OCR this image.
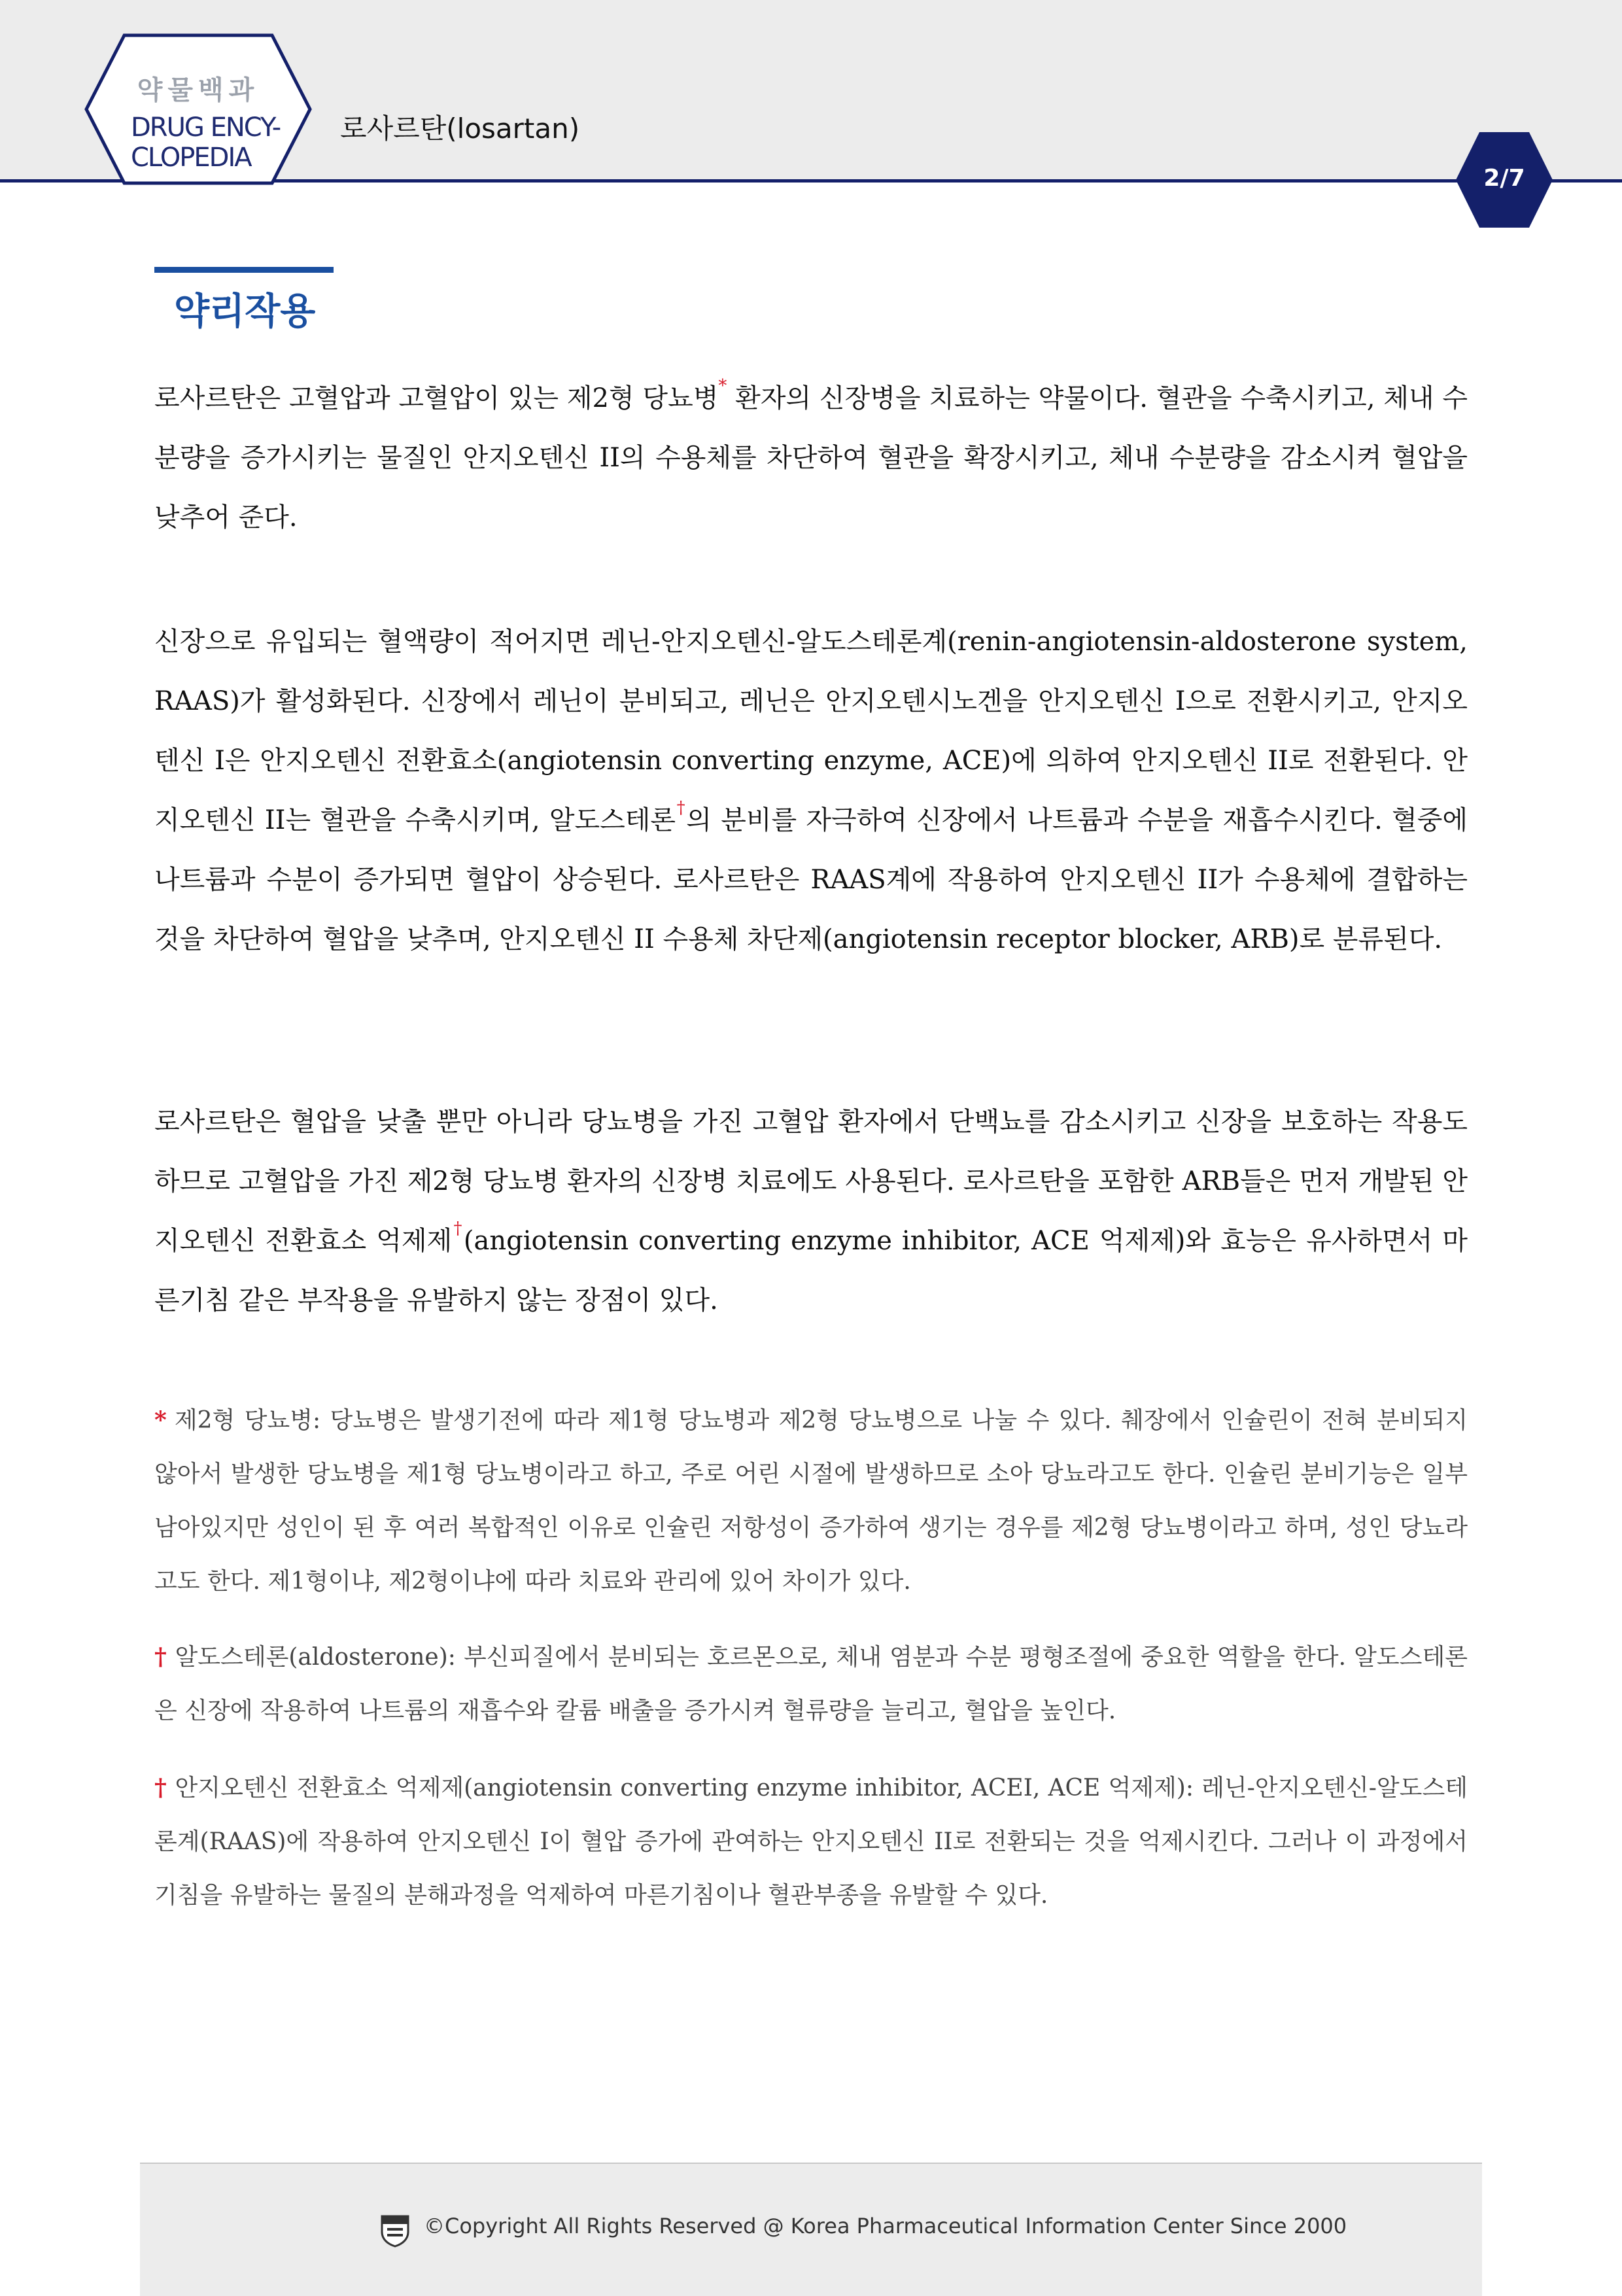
약물백과
DRUG ENCY-
CLOPEDIA
로사르탄(losartan)
2/7
약리작용

로사르탄은 고혈압과 고혈압이 있는 제2형 당뇨병* 환자의 신장병을 치료하는 약물이다. 혈관을 수축시키고, 체내 수분량을 증가시키는 물질인 안지오텐신 II의 수용체를 차단하여 혈관을 확장시키고, 체내 수분량을 감소시켜 혈압을 낮추어 준다.

신장으로 유입되는 혈액량이 적어지면 레닌-안지오텐신-알도스테론계(renin-angiotensin-aldosterone system, RAAS)가 활성화된다. 신장에서 레닌이 분비되고, 레닌은 안지오텐시노겐을 안지오텐신 I으로 전환시키고, 안지오텐신 I은 안지오텐신 전환효소(angiotensin converting enzyme, ACE)에 의하여 안지오텐신 II로 전환된다. 안지오텐신 II는 혈관을 수축시키며, 알도스테론†의 분비를 자극하여 신장에서 나트륨과 수분을 재흡수시킨다. 혈중에 나트륨과 수분이 증가되면 혈압이 상승된다. 로사르탄은 RAAS계에 작용하여 안지오텐신 II가 수용체에 결합하는 것을 차단하여 혈압을 낮추며, 안지오텐신 II 수용체 차단제(angiotensin receptor blocker, ARB)로 분류된다.

로사르탄은 혈압을 낮출 뿐만 아니라 당뇨병을 가진 고혈압 환자에서 단백뇨를 감소시키고 신장을 보호하는 작용도 하므로 고혈압을 가진 제2형 당뇨병 환자의 신장병 치료에도 사용된다. 로사르탄을 포함한 ARB들은 먼저 개발된 안지오텐신 전환효소 억제제†(angiotensin converting enzyme inhibitor, ACE 억제제)와 효능은 유사하면서 마른기침 같은 부작용을 유발하지 않는 장점이 있다.

* 제2형 당뇨병: 당뇨병은 발생기전에 따라 제1형 당뇨병과 제2형 당뇨병으로 나눌 수 있다. 췌장에서 인슐린이 전혀 분비되지 않아서 발생한 당뇨병을 제1형 당뇨병이라고 하고, 주로 어린 시절에 발생하므로 소아 당뇨라고도 한다. 인슐린 분비기능은 일부 남아있지만 성인이 된 후 여러 복합적인 이유로 인슐린 저항성이 증가하여 생기는 경우를 제2형 당뇨병이라고 하며, 성인 당뇨라고도 한다. 제1형이냐, 제2형이냐에 따라 치료와 관리에 있어 차이가 있다.

† 알도스테론(aldosterone): 부신피질에서 분비되는 호르몬으로, 체내 염분과 수분 평형조절에 중요한 역할을 한다. 알도스테론은 신장에 작용하여 나트륨의 재흡수와 칼륨 배출을 증가시켜 혈류량을 늘리고, 혈압을 높인다.

† 안지오텐신 전환효소 억제제(angiotensin converting enzyme inhibitor, ACEI, ACE 억제제): 레닌-안지오텐신-알도스테론계(RAAS)에 작용하여 안지오텐신 I이 혈압 증가에 관여하는 안지오텐신 II로 전환되는 것을 억제시킨다. 그러나 이 과정에서 기침을 유발하는 물질의 분해과정을 억제하여 마른기침이나 혈관부종을 유발할 수 있다.

©Copyright All Rights Reserved @ Korea Pharmaceutical Information Center Since 2000
